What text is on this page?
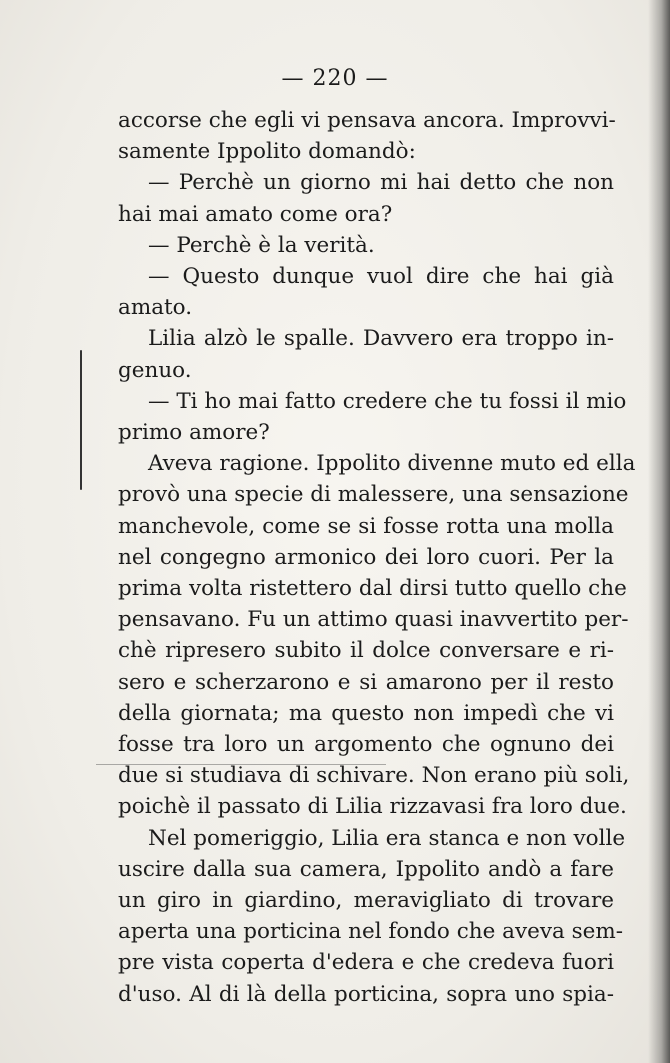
— 220 —
accorse che egli vi pensava ancora. Improvvi-
samente Ippolito domandò:
— Perchè un giorno mi hai detto che non
hai mai amato come ora?
— Perchè è la verità.
— Questo dunque vuol dire che hai già
amato.
Lilia alzò le spalle. Davvero era troppo in-
genuo.
— Ti ho mai fatto credere che tu fossi il mio
primo amore?
Aveva ragione. Ippolito divenne muto ed ella
provò una specie di malessere, una sensazione
manchevole, come se si fosse rotta una molla
nel congegno armonico dei loro cuori. Per la
prima volta ristettero dal dirsi tutto quello che
pensavano. Fu un attimo quasi inavvertito per-
chè ripresero subito il dolce conversare e ri-
sero e scherzarono e si amarono per il resto
della giornata; ma questo non impedì che vi
fosse tra loro un argomento che ognuno dei
due si studiava di schivare. Non erano più soli,
poichè il passato di Lilia rizzavasi fra loro due.
Nel pomeriggio, Lilia era stanca e non volle
uscire dalla sua camera, Ippolito andò a fare
un giro in giardino, meravigliato di trovare
aperta una porticina nel fondo che aveva sem-
pre vista coperta d'edera e che credeva fuori
d'uso. Al di là della porticina, sopra uno spia-
